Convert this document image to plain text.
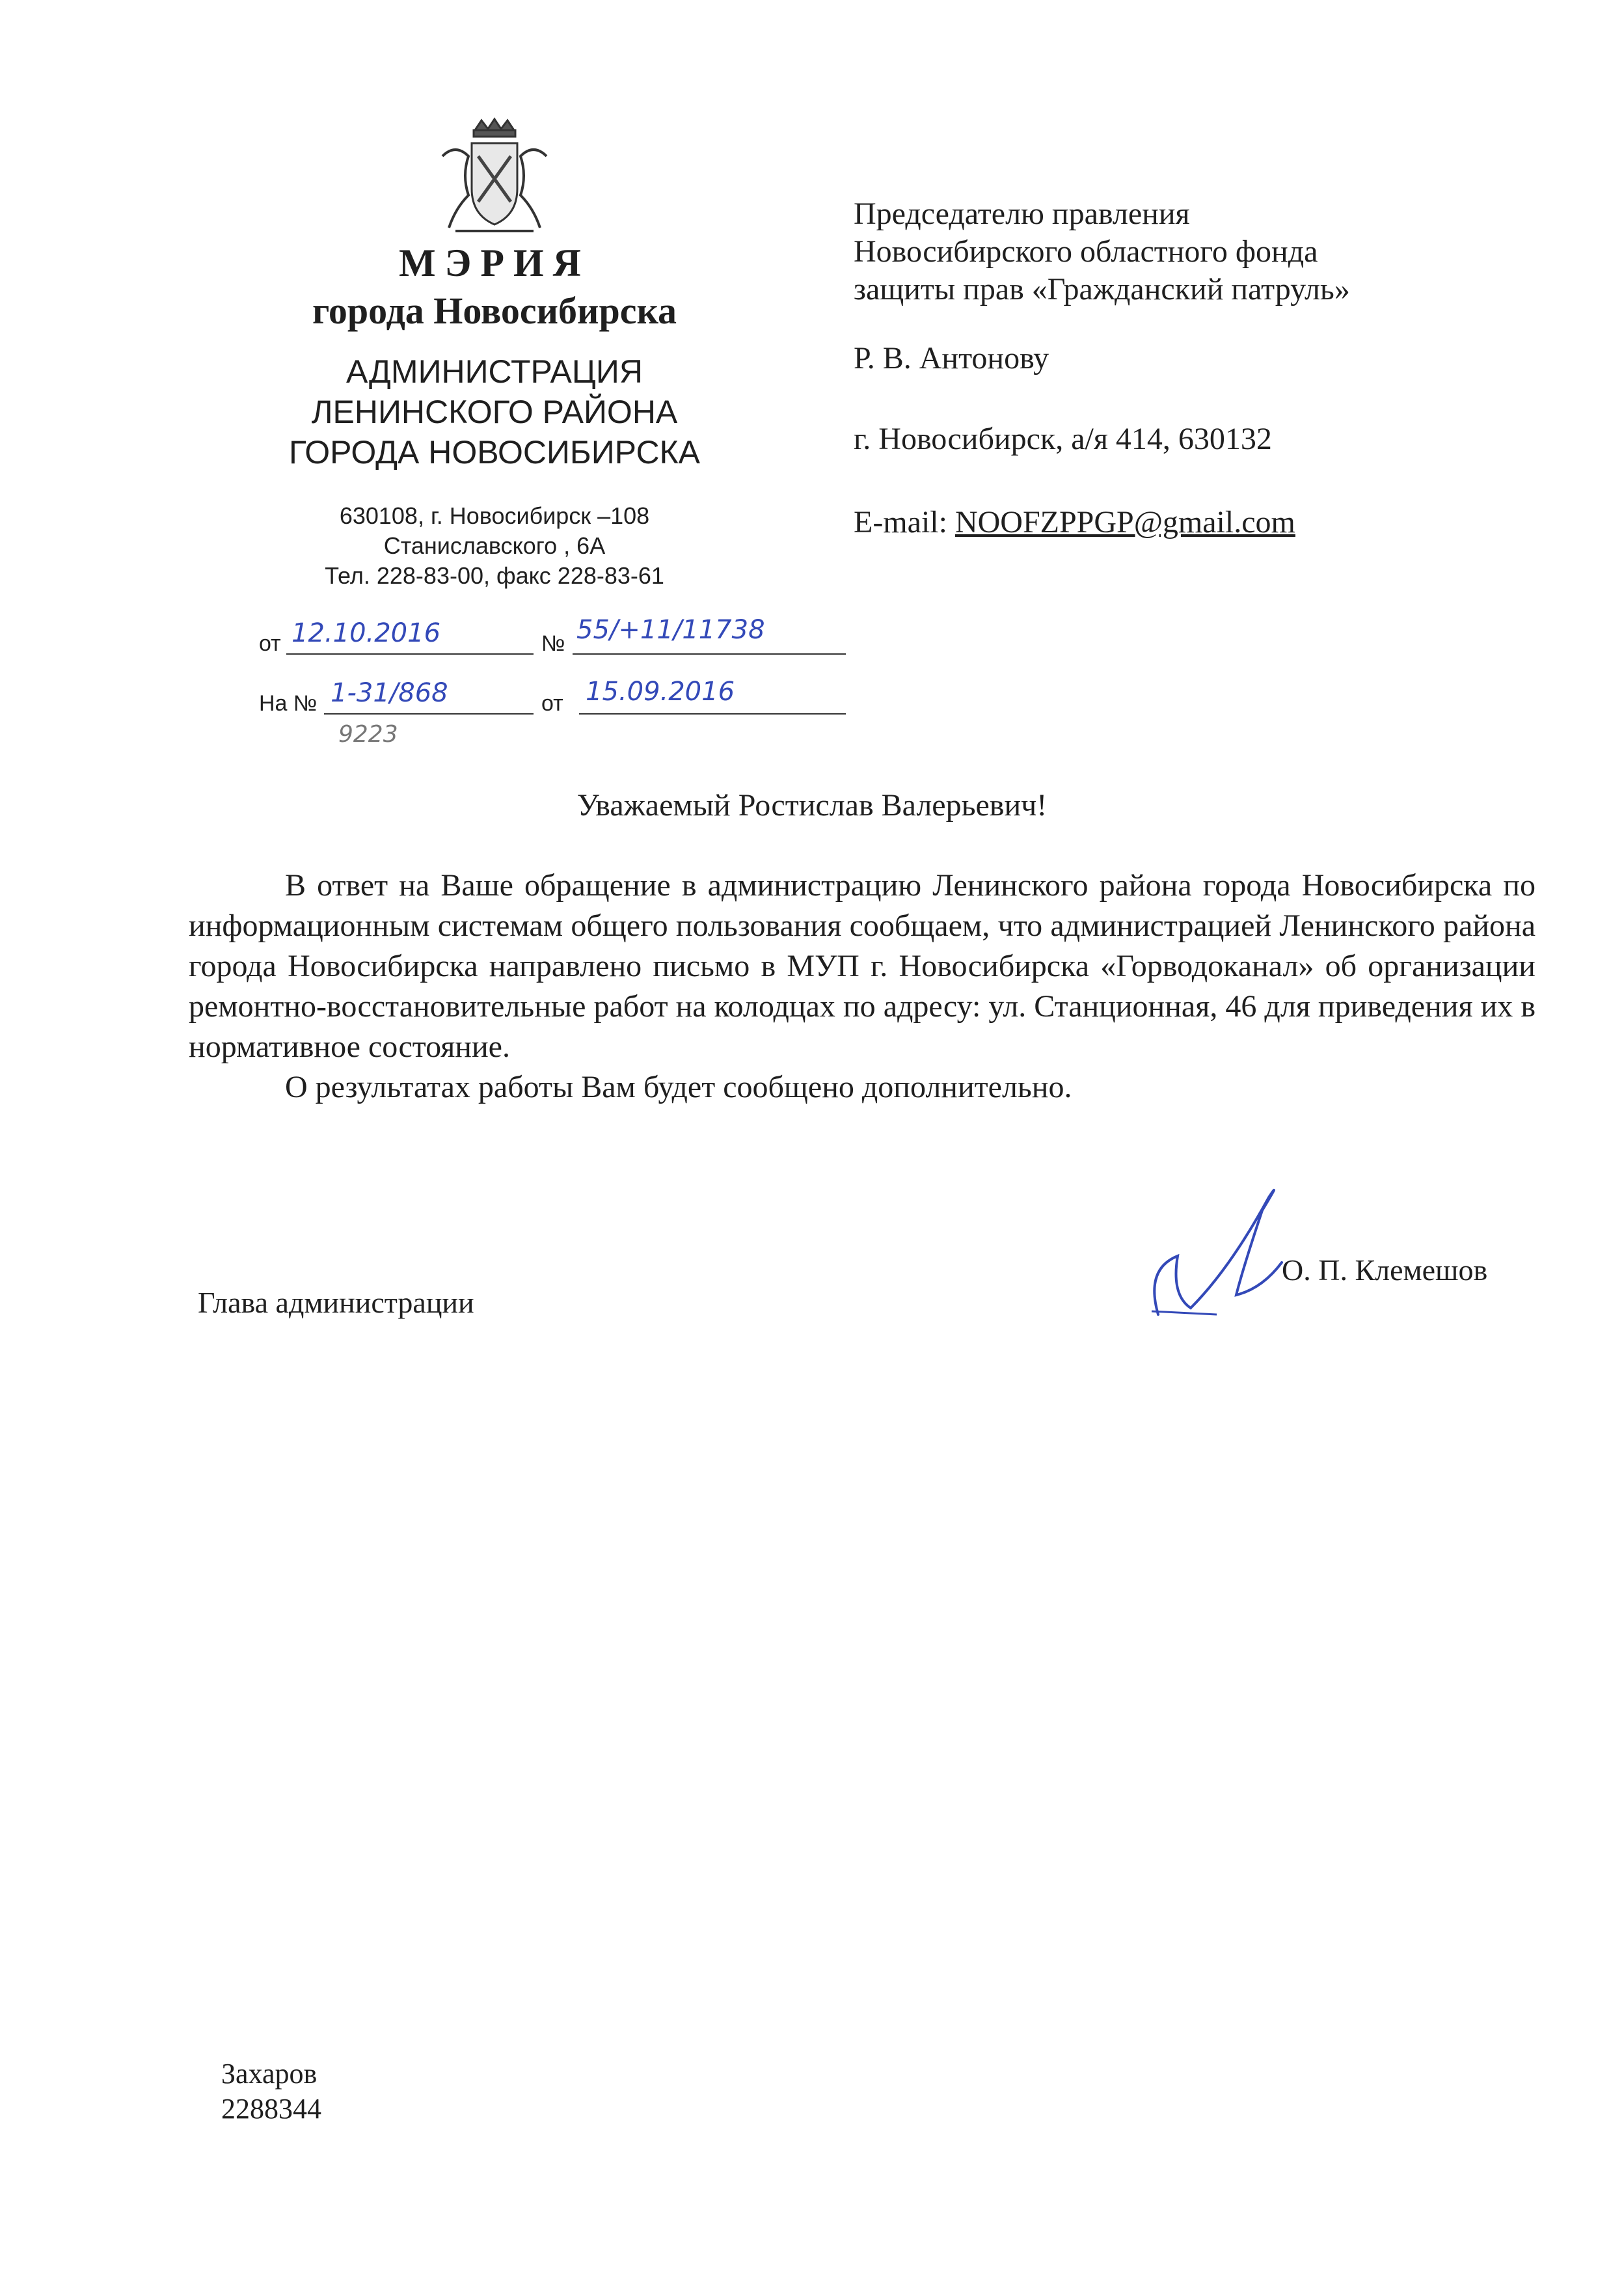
МЭРИЯ
города Новосибирска
АДМИНИСТРАЦИЯ
ЛЕНИНСКОГО РАЙОНА
ГОРОДА НОВОСИБИРСКА
630108, г. Новосибирск –108
Станиславского , 6А
Тел. 228-83-00, факс 228-83-61
от 12.10.2016	№ 55/+11/11738
На № 1-31/868	от 15.09.2016
9223
Председателю правления
Новосибирского областного фонда
защиты прав «Гражданский патруль»
Р. В. Антонову
г. Новосибирск, а/я 414, 630132
E-mail: NOOFZPPGP@gmail.com
Уважаемый Ростислав Валерьевич!

В ответ на Ваше обращение в администрацию Ленинского района города Новосибирска по информационным системам общего пользования сообщаем, что администрацией Ленинского района города Новосибирска направлено письмо в МУП г. Новосибирска «Горводоканал» об организации ремонтно-восстановительные работ на колодцах по адресу: ул. Станционная, 46 для приведения их в нормативное состояние.

О результатах работы Вам будет сообщено дополнительно.

Глава администрации
О. П. Клемешов
Захаров
2288344
